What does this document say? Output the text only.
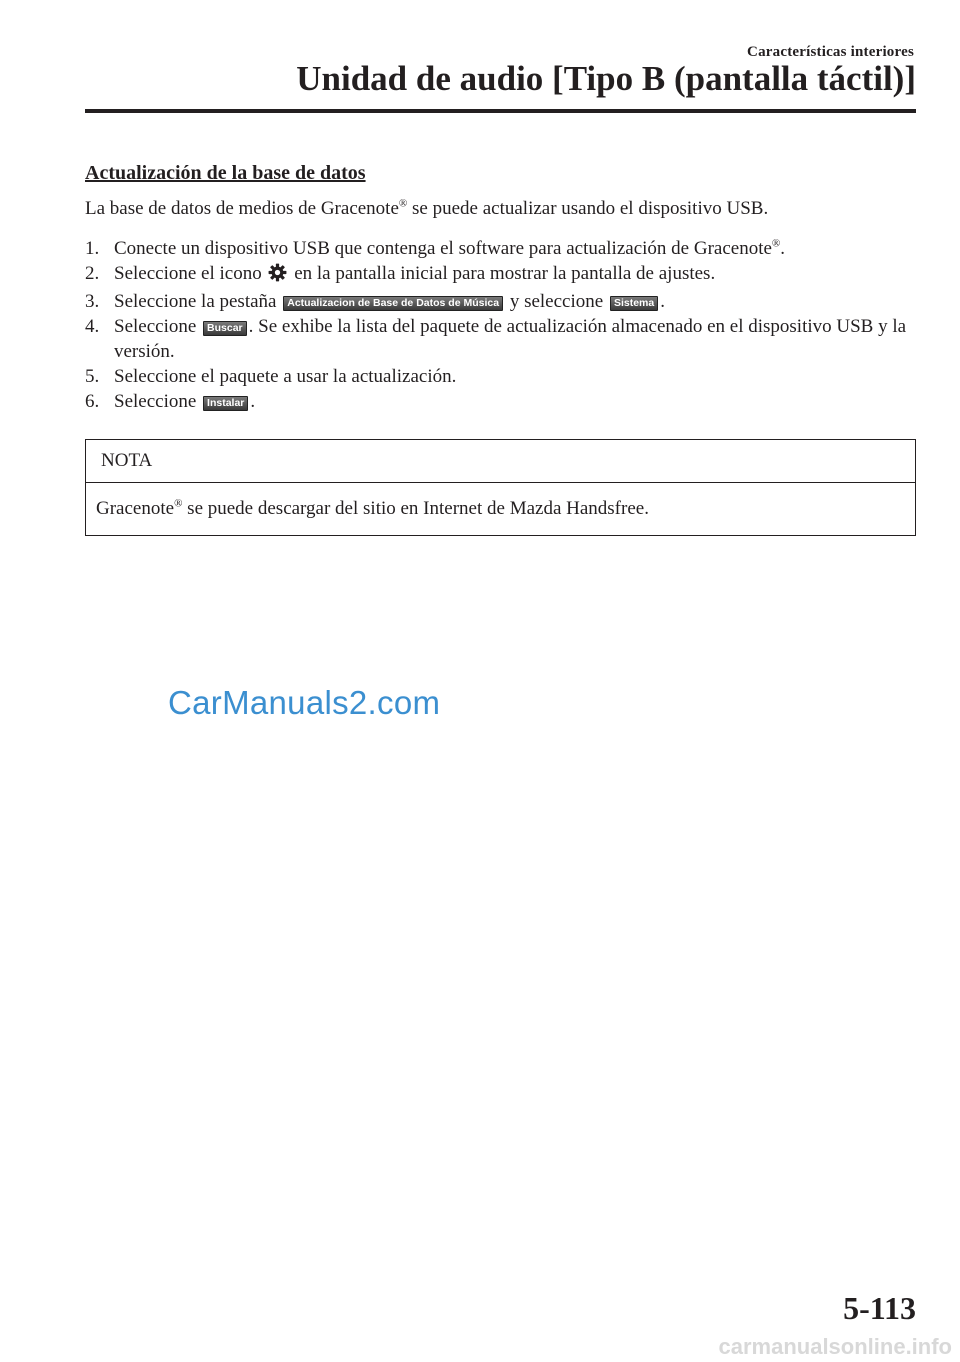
Características interiores
Unidad de audio [Tipo B (pantalla táctil)]
Actualización de la base de datos

La base de datos de medios de Gracenote® se puede actualizar usando el dispositivo USB.

1. Conecte un dispositivo USB que contenga el software para actualización de Gracenote®.
2. Seleccione el icono  en la pantalla inicial para mostrar la pantalla de ajustes.
3. Seleccione la pestaña Actualizacion de Base de Datos de Música y seleccione Sistema .
4. Seleccione Buscar . Se exhibe la lista del paquete de actualización almacenado en el dispositivo USB y la versión.
5. Seleccione el paquete a usar la actualización.
6. Seleccione Instalar .
NOTA
Gracenote® se puede descargar del sitio en Internet de Mazda Handsfree.
CarManuals2.com
5-113
carmanualsonline.info
